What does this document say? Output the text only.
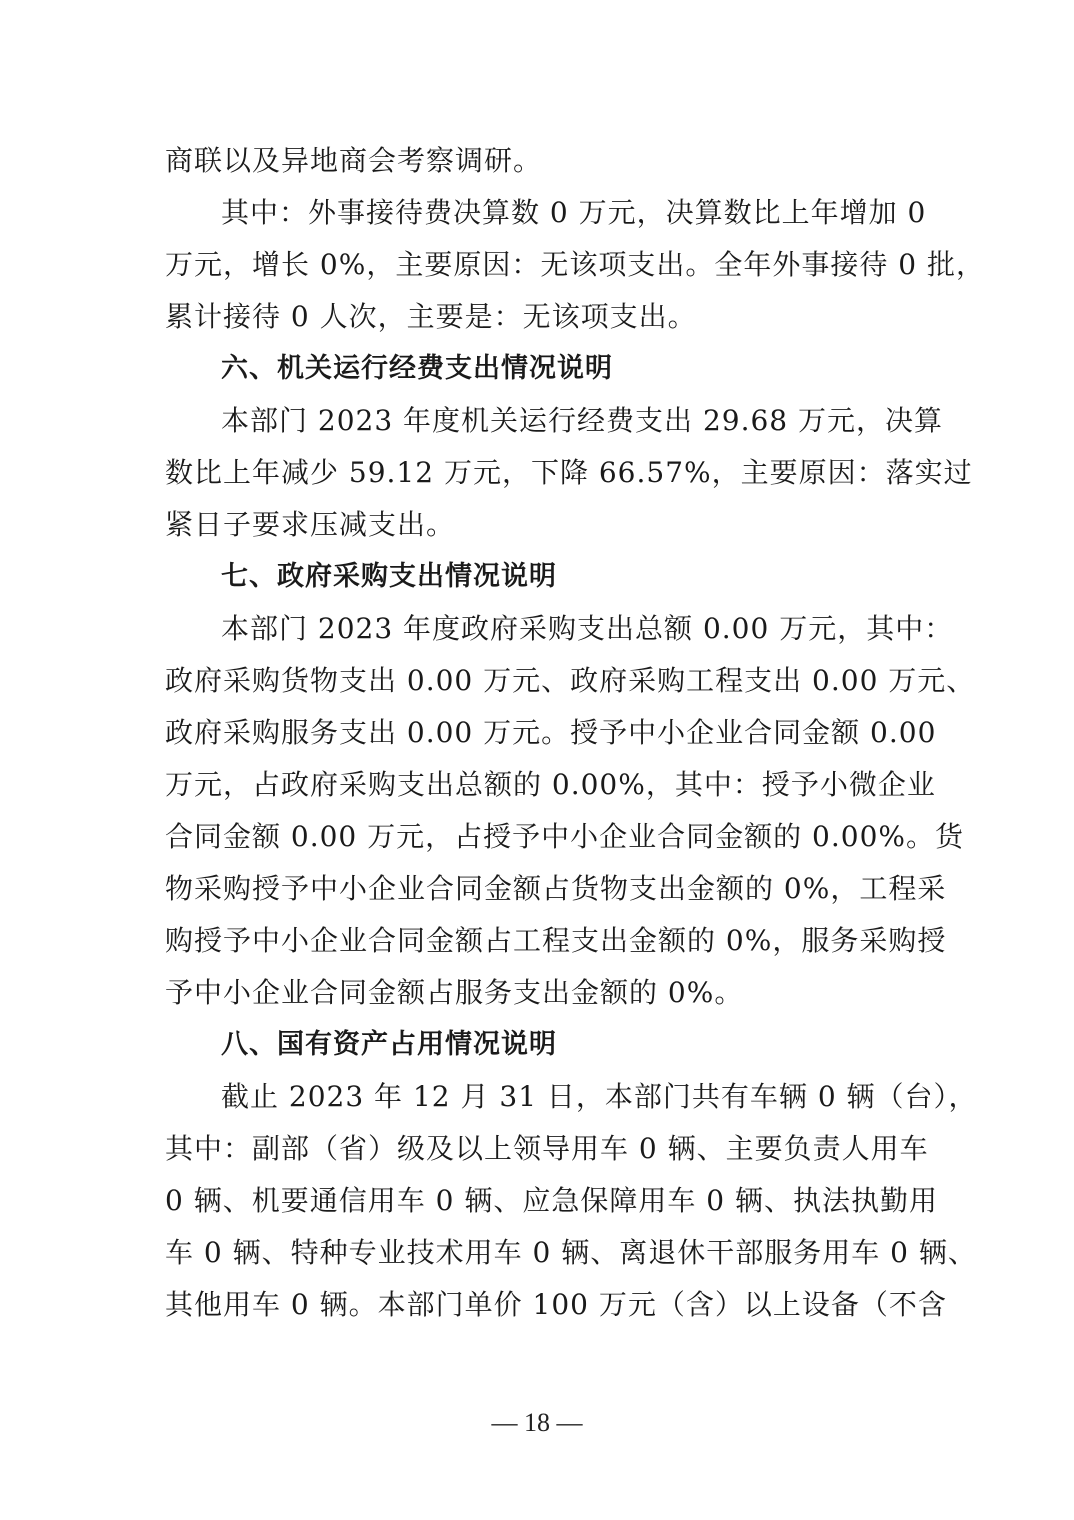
商联以及异地商会考察调研。
其中：外事接待费决算数 0 万元，决算数比上年增加 0
万元，增长 0%，主要原因：无该项支出。全年外事接待 0 批，
累计接待 0 人次，主要是：无该项支出。
六、机关运行经费支出情况说明
本部门 2023 年度机关运行经费支出 29.68 万元，决算
数比上年减少 59.12 万元，下降 66.57%，主要原因：落实过
紧日子要求压减支出。
七、政府采购支出情况说明
本部门 2023 年度政府采购支出总额 0.00 万元，其中：
政府采购货物支出 0.00 万元、政府采购工程支出 0.00 万元、
政府采购服务支出 0.00 万元。授予中小企业合同金额 0.00
万元，占政府采购支出总额的 0.00%，其中：授予小微企业
合同金额 0.00 万元，占授予中小企业合同金额的 0.00%。货
物采购授予中小企业合同金额占货物支出金额的 0%，工程采
购授予中小企业合同金额占工程支出金额的 0%，服务采购授
予中小企业合同金额占服务支出金额的 0%。
八、国有资产占用情况说明
截止 2023 年 12 月 31 日，本部门共有车辆 0 辆（台），
其中：副部（省）级及以上领导用车 0 辆、主要负责人用车
0 辆、机要通信用车 0 辆、应急保障用车 0 辆、执法执勤用
车 0 辆、特种专业技术用车 0 辆、离退休干部服务用车 0 辆、
其他用车 0 辆。本部门单价 100 万元（含）以上设备（不含
— 18 —
